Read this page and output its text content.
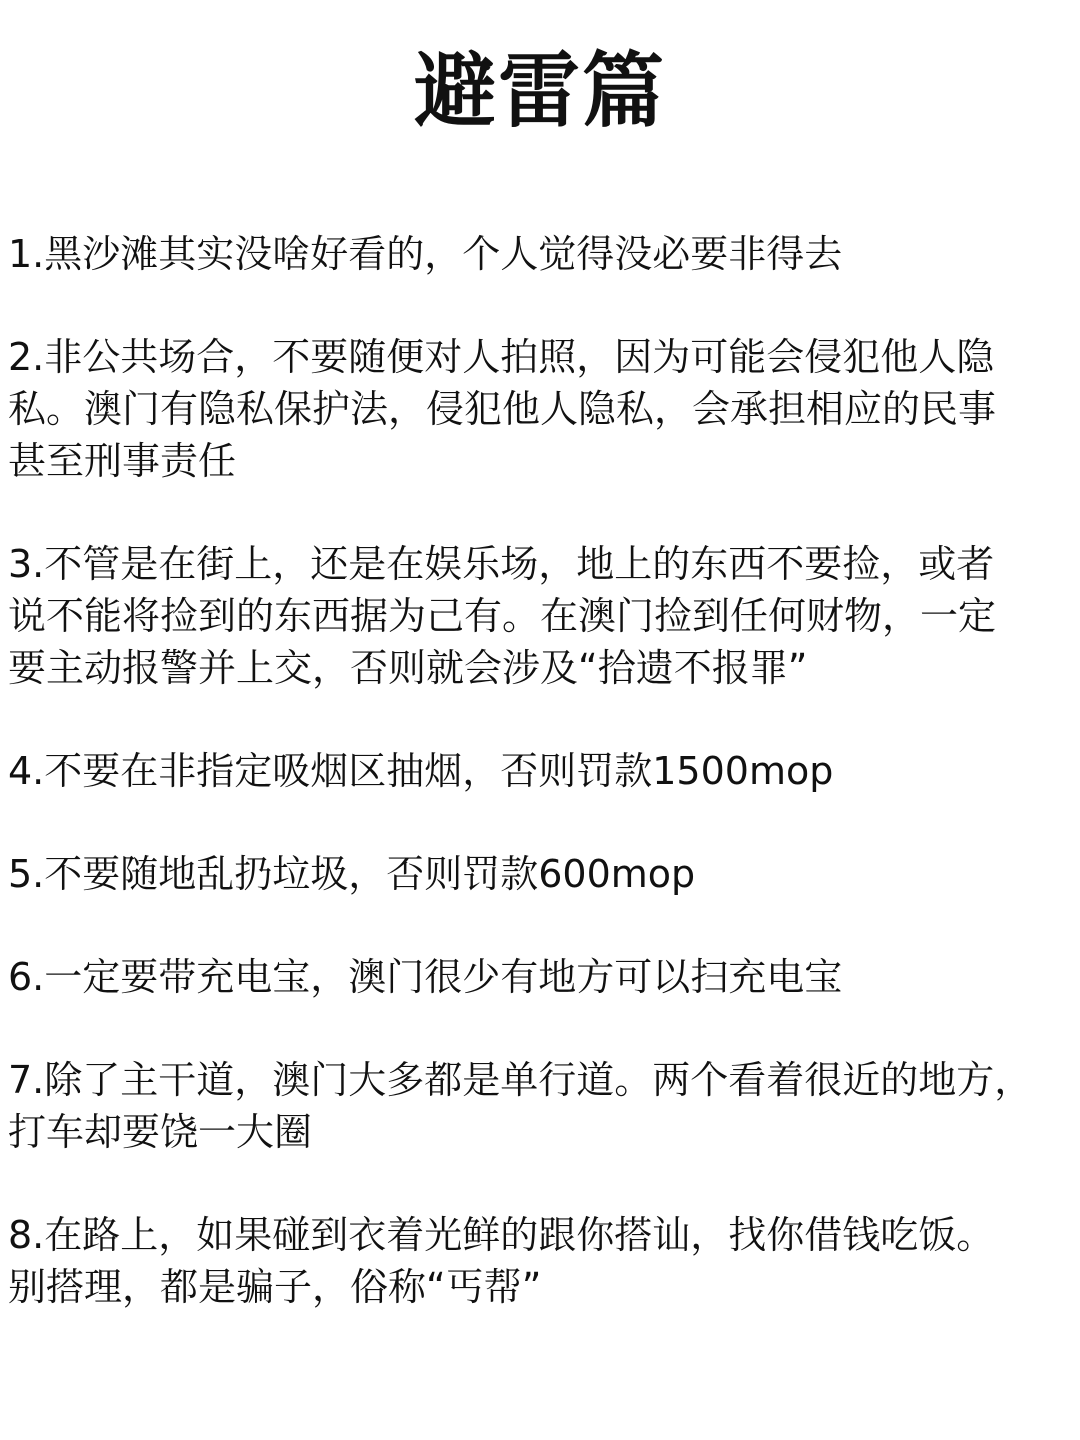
避雷篇
1.黑沙滩其实没啥好看的，个人觉得没必要非得去
2.非公共场合，不要随便对人拍照，因为可能会侵犯他人隐
私。澳门有隐私保护法，侵犯他人隐私，会承担相应的民事
甚至刑事责任
3.不管是在街上，还是在娱乐场，地上的东西不要捡，或者
说不能将捡到的东西据为己有。在澳门捡到任何财物，一定
要主动报警并上交，否则就会涉及“拾遗不报罪”
4.不要在非指定吸烟区抽烟，否则罚款1500mop
5.不要随地乱扔垃圾，否则罚款600mop
6.一定要带充电宝，澳门很少有地方可以扫充电宝
7.除了主干道，澳门大多都是单行道。两个看着很近的地方，
打车却要饶一大圈
8.在路上，如果碰到衣着光鲜的跟你搭讪，找你借钱吃饭。
别搭理，都是骗子，俗称“丐帮”
